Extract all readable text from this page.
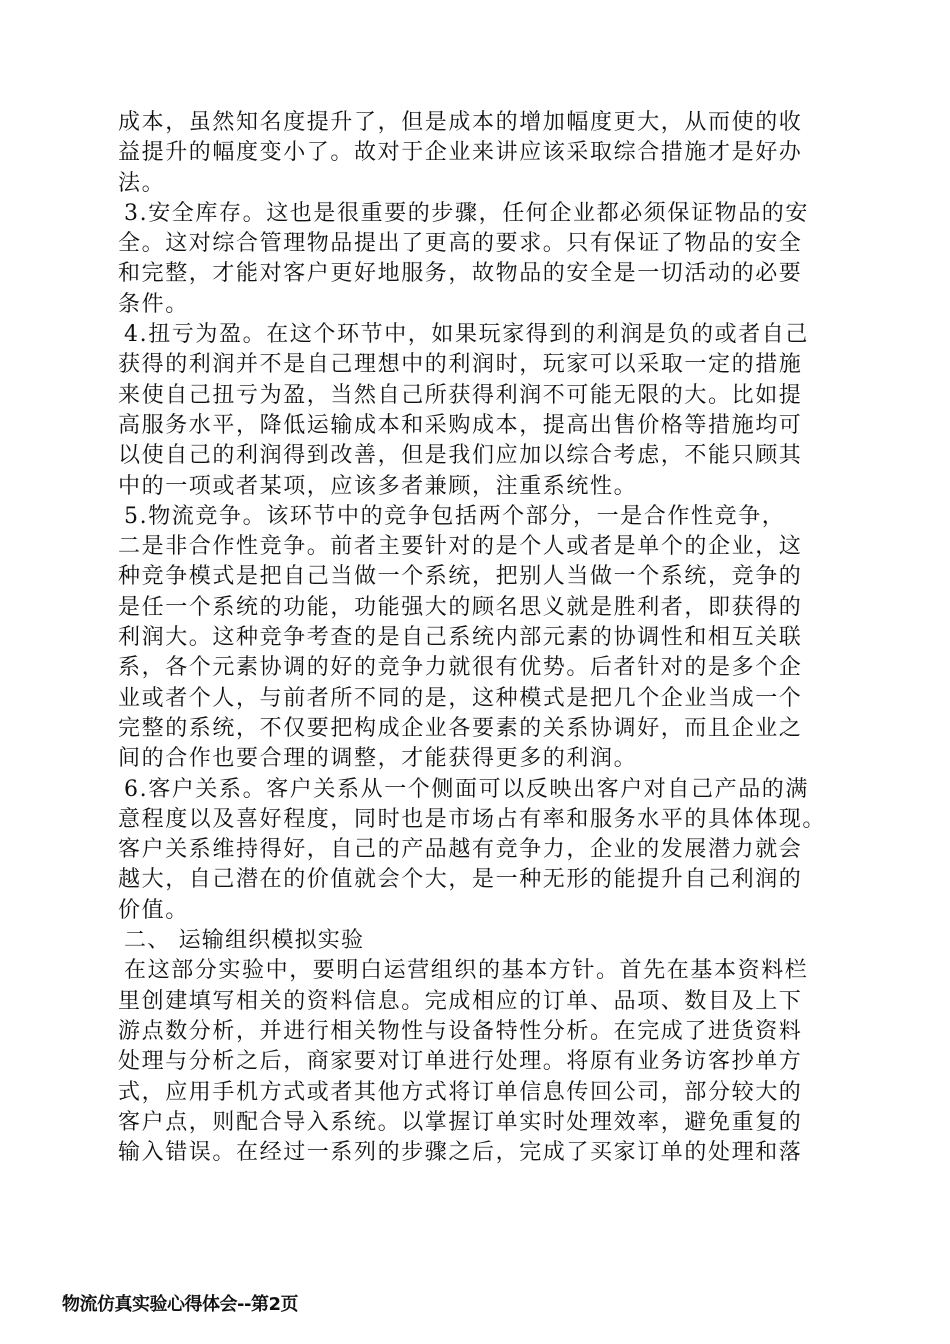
成本，虽然知名度提升了，但是成本的增加幅度更大，从而使的收
益提升的幅度变小了。故对于企业来讲应该采取综合措施才是好办
法。
3.安全库存。这也是很重要的步骤，任何企业都必须保证物品的安
全。这对综合管理物品提出了更高的要求。只有保证了物品的安全
和完整，才能对客户更好地服务，故物品的安全是一切活动的必要
条件。
4.扭亏为盈。在这个环节中，如果玩家得到的利润是负的或者自己
获得的利润并不是自己理想中的利润时，玩家可以采取一定的措施
来使自己扭亏为盈，当然自己所获得利润不可能无限的大。比如提
高服务水平，降低运输成本和采购成本，提高出售价格等措施均可
以使自己的利润得到改善，但是我们应加以综合考虑，不能只顾其
中的一项或者某项，应该多者兼顾，注重系统性。
5.物流竞争。该环节中的竞争包括两个部分，一是合作性竞争，
二是非合作性竞争。前者主要针对的是个人或者是单个的企业，这
种竞争模式是把自己当做一个系统，把别人当做一个系统，竞争的
是任一个系统的功能，功能强大的顾名思义就是胜利者，即获得的
利润大。这种竞争考查的是自己系统内部元素的协调性和相互关联
系，各个元素协调的好的竞争力就很有优势。后者针对的是多个企
业或者个人，与前者所不同的是，这种模式是把几个企业当成一个
完整的系统，不仅要把构成企业各要素的关系协调好，而且企业之
间的合作也要合理的调整，才能获得更多的利润。
6.客户关系。客户关系从一个侧面可以反映出客户对自己产品的满
意程度以及喜好程度，同时也是市场占有率和服务水平的具体体现。
客户关系维持得好，自己的产品越有竞争力，企业的发展潜力就会
越大，自己潜在的价值就会个大，是一种无形的能提升自己利润的
价值。
二、 运输组织模拟实验
在这部分实验中，要明白运营组织的基本方针。首先在基本资料栏
里创建填写相关的资料信息。完成相应的订单、品项、数目及上下
游点数分析，并进行相关物性与设备特性分析。在完成了进货资料
处理与分析之后，商家要对订单进行处理。将原有业务访客抄单方
式，应用手机方式或者其他方式将订单信息传回公司，部分较大的
客户点，则配合导入系统。以掌握订单实时处理效率，避免重复的
输入错误。在经过一系列的步骤之后，完成了买家订单的处理和落
物流仿真实验心得体会--第2页
